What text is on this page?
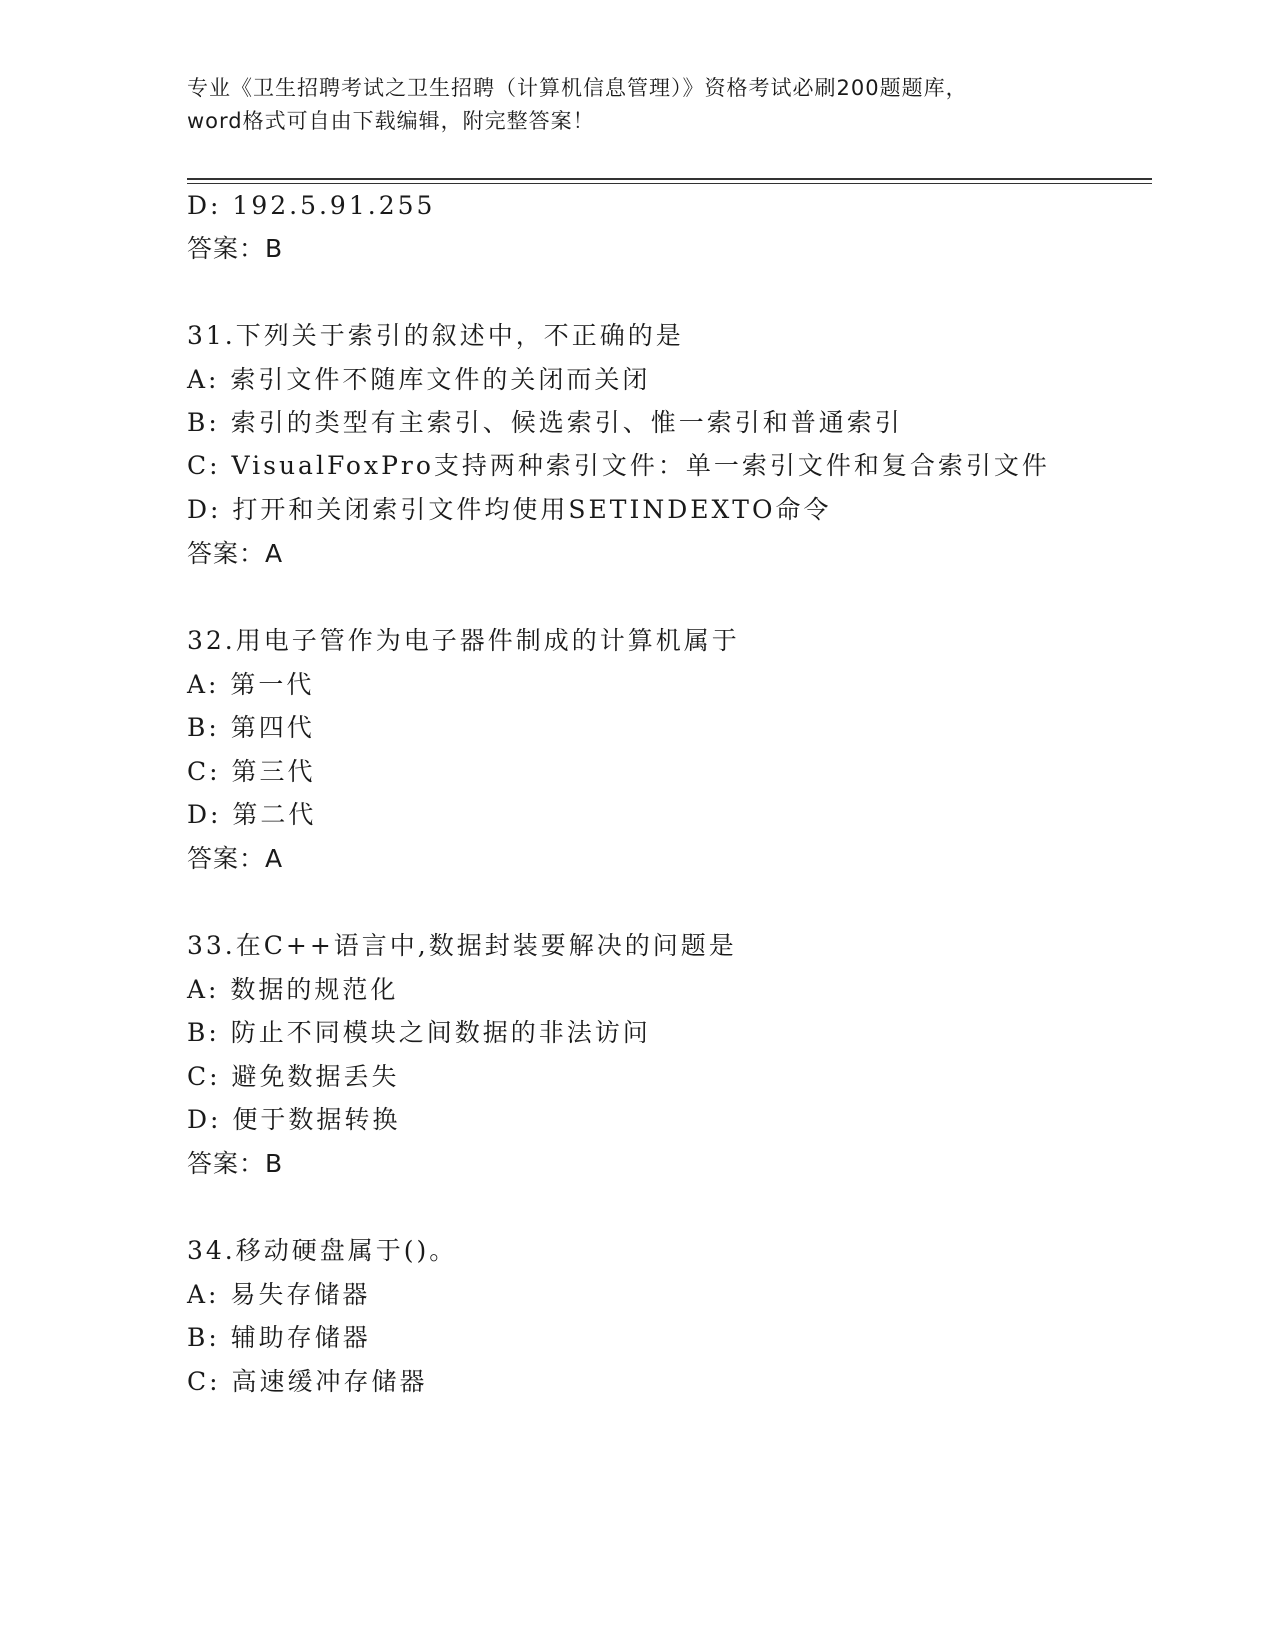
专业《卫生招聘考试之卫生招聘（计算机信息管理）》资格考试必刷200题题库，
word格式可自由下载编辑，附完整答案！
D: 192.5.91.255
答案：B
31.下列关于索引的叙述中，不正确的是
A: 索引文件不随库文件的关闭而关闭
B: 索引的类型有主索引、候选索引、惟一索引和普通索引
C: VisualFoxPro支持两种索引文件：单一索引文件和复合索引文件
D: 打开和关闭索引文件均使用SETINDEXTO命令
答案：A
32.用电子管作为电子器件制成的计算机属于
A: 第一代
B: 第四代
C: 第三代
D: 第二代
答案：A
33.在C++语言中,数据封装要解决的问题是
A: 数据的规范化
B: 防止不同模块之间数据的非法访问
C: 避免数据丢失
D: 便于数据转换
答案：B
34.移动硬盘属于()。
A: 易失存储器
B: 辅助存储器
C: 高速缓冲存储器
